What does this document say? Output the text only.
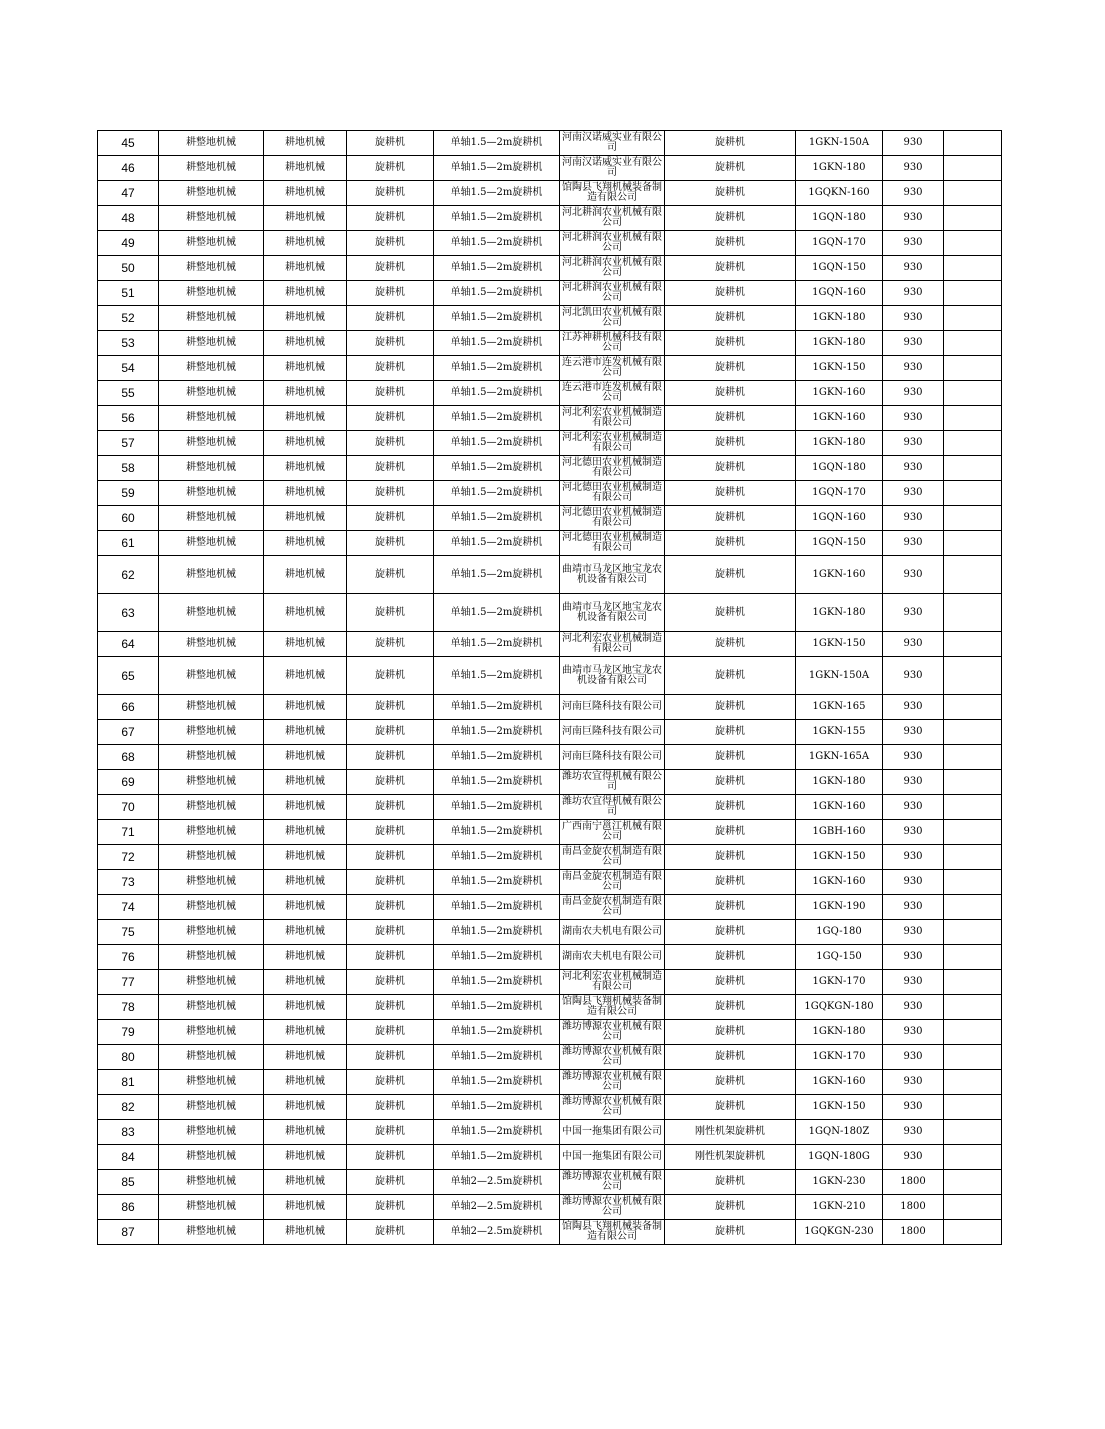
45	耕整地机械	耕地机械	旋耕机	单轴1.5—2m旋耕机	河南汉诺威实业有限公司	旋耕机	1GKN-150A	930	
46	耕整地机械	耕地机械	旋耕机	单轴1.5—2m旋耕机	河南汉诺威实业有限公司	旋耕机	1GKN-180	930	
47	耕整地机械	耕地机械	旋耕机	单轴1.5—2m旋耕机	馆陶县飞翔机械装备制造有限公司	旋耕机	1GQKN-160	930	
48	耕整地机械	耕地机械	旋耕机	单轴1.5—2m旋耕机	河北耕润农业机械有限公司	旋耕机	1GQN-180	930	
49	耕整地机械	耕地机械	旋耕机	单轴1.5—2m旋耕机	河北耕润农业机械有限公司	旋耕机	1GQN-170	930	
50	耕整地机械	耕地机械	旋耕机	单轴1.5—2m旋耕机	河北耕润农业机械有限公司	旋耕机	1GQN-150	930	
51	耕整地机械	耕地机械	旋耕机	单轴1.5—2m旋耕机	河北耕润农业机械有限公司	旋耕机	1GQN-160	930	
52	耕整地机械	耕地机械	旋耕机	单轴1.5—2m旋耕机	河北凯田农业机械有限公司	旋耕机	1GKN-180	930	
53	耕整地机械	耕地机械	旋耕机	单轴1.5—2m旋耕机	江苏神耕机械科技有限公司	旋耕机	1GKN-180	930	
54	耕整地机械	耕地机械	旋耕机	单轴1.5—2m旋耕机	连云港市连发机械有限公司	旋耕机	1GKN-150	930	
55	耕整地机械	耕地机械	旋耕机	单轴1.5—2m旋耕机	连云港市连发机械有限公司	旋耕机	1GKN-160	930	
56	耕整地机械	耕地机械	旋耕机	单轴1.5—2m旋耕机	河北利宏农业机械制造有限公司	旋耕机	1GKN-160	930	
57	耕整地机械	耕地机械	旋耕机	单轴1.5—2m旋耕机	河北利宏农业机械制造有限公司	旋耕机	1GKN-180	930	
58	耕整地机械	耕地机械	旋耕机	单轴1.5—2m旋耕机	河北德田农业机械制造有限公司	旋耕机	1GQN-180	930	
59	耕整地机械	耕地机械	旋耕机	单轴1.5—2m旋耕机	河北德田农业机械制造有限公司	旋耕机	1GQN-170	930	
60	耕整地机械	耕地机械	旋耕机	单轴1.5—2m旋耕机	河北德田农业机械制造有限公司	旋耕机	1GQN-160	930	
61	耕整地机械	耕地机械	旋耕机	单轴1.5—2m旋耕机	河北德田农业机械制造有限公司	旋耕机	1GQN-150	930	
62	耕整地机械	耕地机械	旋耕机	单轴1.5—2m旋耕机	曲靖市马龙区地宝龙农机设备有限公司	旋耕机	1GKN-160	930	
63	耕整地机械	耕地机械	旋耕机	单轴1.5—2m旋耕机	曲靖市马龙区地宝龙农机设备有限公司	旋耕机	1GKN-180	930	
64	耕整地机械	耕地机械	旋耕机	单轴1.5—2m旋耕机	河北利宏农业机械制造有限公司	旋耕机	1GKN-150	930	
65	耕整地机械	耕地机械	旋耕机	单轴1.5—2m旋耕机	曲靖市马龙区地宝龙农机设备有限公司	旋耕机	1GKN-150A	930	
66	耕整地机械	耕地机械	旋耕机	单轴1.5—2m旋耕机	河南巨隆科技有限公司	旋耕机	1GKN-165	930	
67	耕整地机械	耕地机械	旋耕机	单轴1.5—2m旋耕机	河南巨隆科技有限公司	旋耕机	1GKN-155	930	
68	耕整地机械	耕地机械	旋耕机	单轴1.5—2m旋耕机	河南巨隆科技有限公司	旋耕机	1GKN-165A	930	
69	耕整地机械	耕地机械	旋耕机	单轴1.5—2m旋耕机	潍坊农宜得机械有限公司	旋耕机	1GKN-180	930	
70	耕整地机械	耕地机械	旋耕机	单轴1.5—2m旋耕机	潍坊农宜得机械有限公司	旋耕机	1GKN-160	930	
71	耕整地机械	耕地机械	旋耕机	单轴1.5—2m旋耕机	广西南宁邕江机械有限公司	旋耕机	1GBH-160	930	
72	耕整地机械	耕地机械	旋耕机	单轴1.5—2m旋耕机	南昌金旋农机制造有限公司	旋耕机	1GKN-150	930	
73	耕整地机械	耕地机械	旋耕机	单轴1.5—2m旋耕机	南昌金旋农机制造有限公司	旋耕机	1GKN-160	930	
74	耕整地机械	耕地机械	旋耕机	单轴1.5—2m旋耕机	南昌金旋农机制造有限公司	旋耕机	1GKN-190	930	
75	耕整地机械	耕地机械	旋耕机	单轴1.5—2m旋耕机	湖南农夫机电有限公司	旋耕机	1GQ-180	930	
76	耕整地机械	耕地机械	旋耕机	单轴1.5—2m旋耕机	湖南农夫机电有限公司	旋耕机	1GQ-150	930	
77	耕整地机械	耕地机械	旋耕机	单轴1.5—2m旋耕机	河北利宏农业机械制造有限公司	旋耕机	1GKN-170	930	
78	耕整地机械	耕地机械	旋耕机	单轴1.5—2m旋耕机	馆陶县飞翔机械装备制造有限公司	旋耕机	1GQKGN-180	930	
79	耕整地机械	耕地机械	旋耕机	单轴1.5—2m旋耕机	潍坊博源农业机械有限公司	旋耕机	1GKN-180	930	
80	耕整地机械	耕地机械	旋耕机	单轴1.5—2m旋耕机	潍坊博源农业机械有限公司	旋耕机	1GKN-170	930	
81	耕整地机械	耕地机械	旋耕机	单轴1.5—2m旋耕机	潍坊博源农业机械有限公司	旋耕机	1GKN-160	930	
82	耕整地机械	耕地机械	旋耕机	单轴1.5—2m旋耕机	潍坊博源农业机械有限公司	旋耕机	1GKN-150	930	
83	耕整地机械	耕地机械	旋耕机	单轴1.5—2m旋耕机	中国一拖集团有限公司	刚性机架旋耕机	1GQN-180Z	930	
84	耕整地机械	耕地机械	旋耕机	单轴1.5—2m旋耕机	中国一拖集团有限公司	刚性机架旋耕机	1GQN-180G	930	
85	耕整地机械	耕地机械	旋耕机	单轴2—2.5m旋耕机	潍坊博源农业机械有限公司	旋耕机	1GKN-230	1800	
86	耕整地机械	耕地机械	旋耕机	单轴2—2.5m旋耕机	潍坊博源农业机械有限公司	旋耕机	1GKN-210	1800	
87	耕整地机械	耕地机械	旋耕机	单轴2—2.5m旋耕机	馆陶县飞翔机械装备制造有限公司	旋耕机	1GQKGN-230	1800	
